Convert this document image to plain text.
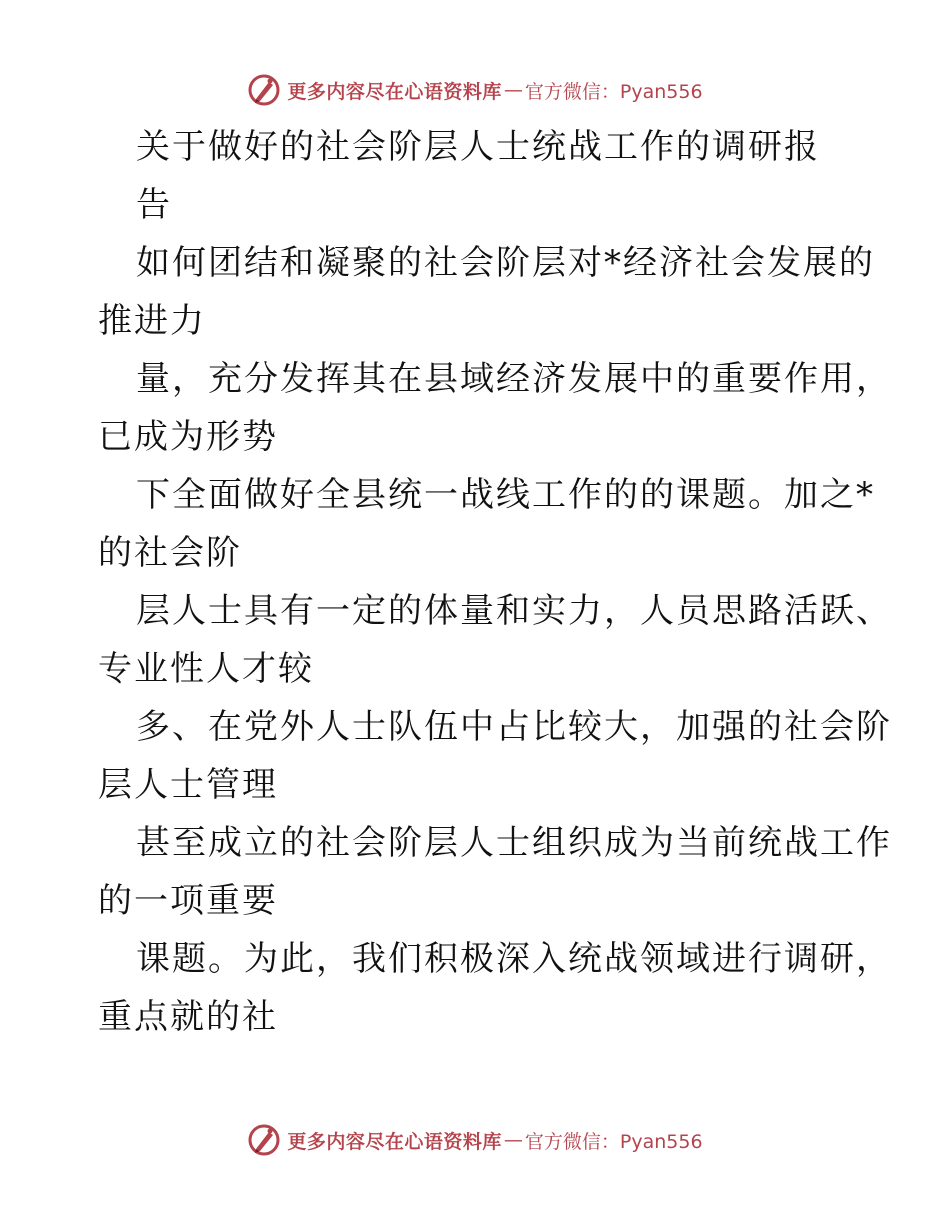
更多内容尽在心语资料库 — 官方微信：Pyan556
关于做好的社会阶层人士统战工作的调研报
告
如何团结和凝聚的社会阶层对*经济社会发展的
推进力
量，充分发挥其在县域经济发展中的重要作用，
已成为形势
下全面做好全县统一战线工作的的课题。加之*
的社会阶
层人士具有一定的体量和实力，人员思路活跃、
专业性人才较
多、在党外人士队伍中占比较大，加强的社会阶
层人士管理
甚至成立的社会阶层人士组织成为当前统战工作
的一项重要
课题。为此，我们积极深入统战领域进行调研，
重点就的社
更多内容尽在心语资料库 — 官方微信：Pyan556
